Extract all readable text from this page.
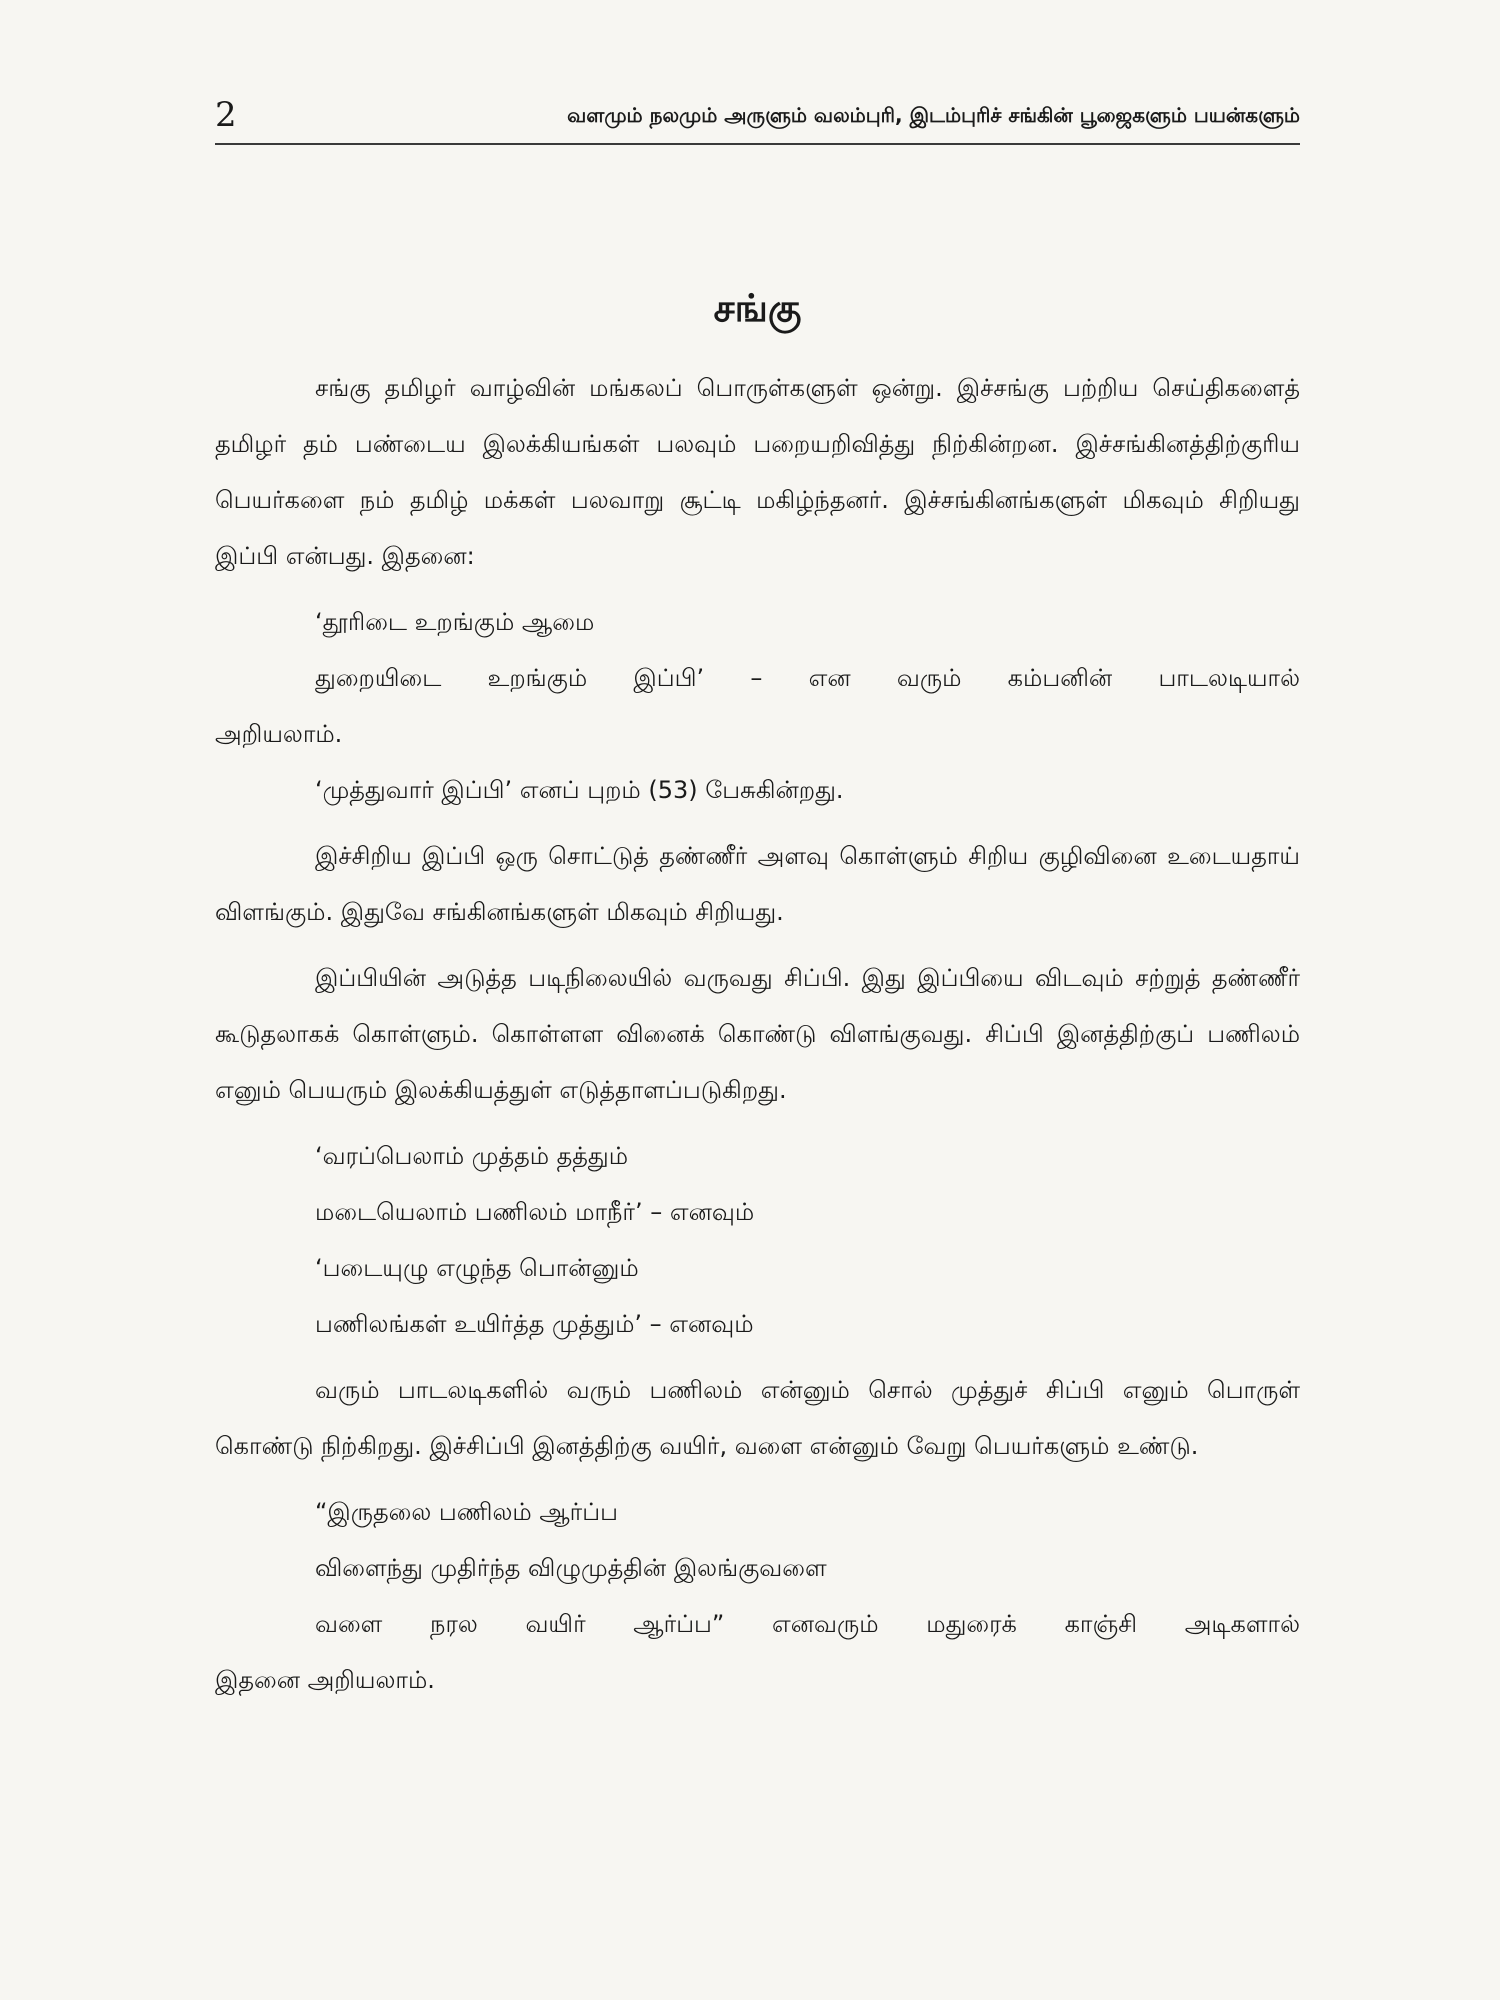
2	வளமும் நலமும் அருளும் வலம்புரி, இடம்புரிச் சங்கின் பூஜைகளும் பயன்களும்
சங்கு

சங்கு தமிழர் வாழ்வின் மங்கலப் பொருள்களுள் ஒன்று. இச்சங்கு பற்றிய செய்திகளைத் தமிழர் தம் பண்டைய இலக்கியங்கள் பலவும் பறையறிவித்து நிற்கின்றன. இச்சங்கினத்திற்குரிய பெயர்களை நம் தமிழ் மக்கள் பலவாறு சூட்டி மகிழ்ந்தனர். இச்சங்கினங்களுள் மிகவும் சிறியது இப்பி என்பது. இதனை:

‘தூரிடை உறங்கும் ஆமை
துறையிடை உறங்கும் இப்பி’ – என வரும் கம்பனின் பாடலடியால்
அறியலாம்.
‘முத்துவார் இப்பி’ எனப் புறம் (53) பேசுகின்றது.

இச்சிறிய இப்பி ஒரு சொட்டுத் தண்ணீர் அளவு கொள்ளும் சிறிய குழிவினை உடையதாய் விளங்கும். இதுவே சங்கினங்களுள் மிகவும் சிறியது.

இப்பியின் அடுத்த படிநிலையில் வருவது சிப்பி. இது இப்பியை விடவும் சற்றுத் தண்ணீர் கூடுதலாகக் கொள்ளும். கொள்ளள வினைக் கொண்டு விளங்குவது. சிப்பி இனத்திற்குப் பணிலம் எனும் பெயரும் இலக்கியத்துள் எடுத்தாளப்படுகிறது.

‘வரப்பெலாம் முத்தம் தத்தும்
மடையெலாம் பணிலம் மாநீர்’ – எனவும்
‘படையுழு எழுந்த பொன்னும்
பணிலங்கள் உயிர்த்த முத்தும்’ – எனவும்

வரும் பாடலடிகளில் வரும் பணிலம் என்னும் சொல் முத்துச் சிப்பி எனும் பொருள் கொண்டு நிற்கிறது. இச்சிப்பி இனத்திற்கு வயிர், வளை என்னும் வேறு பெயர்களும் உண்டு.

“இருதலை பணிலம் ஆர்ப்ப
விளைந்து முதிர்ந்த விழுமுத்தின் இலங்குவளை
வளை நரல வயிர் ஆர்ப்ப” எனவரும் மதுரைக் காஞ்சி அடிகளால்
இதனை அறியலாம்.
